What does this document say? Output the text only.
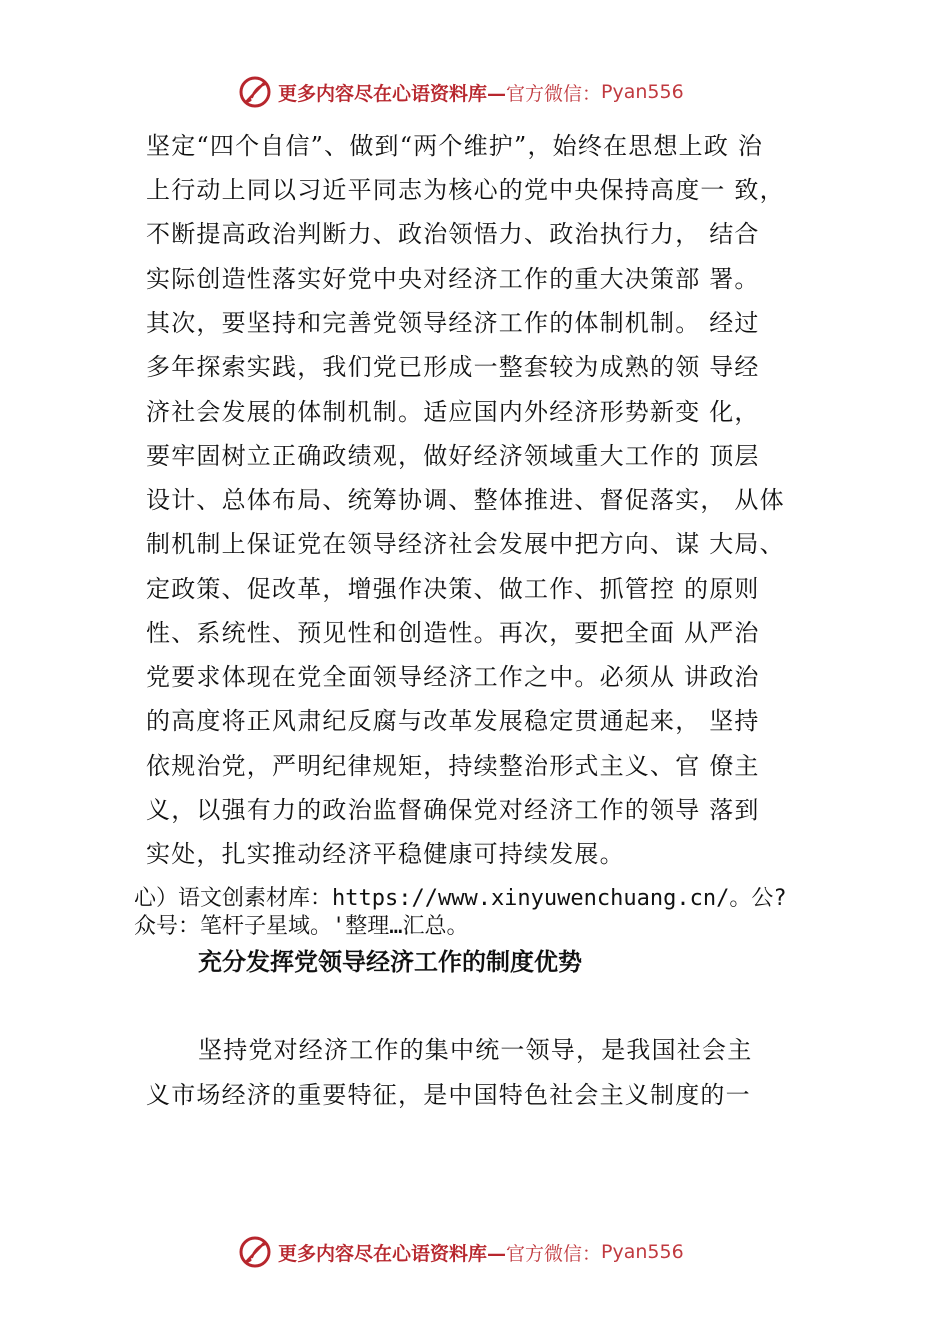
更多内容尽在心语资料库— 官方微信： Pyan556
坚定“四个自信”、做到“两个维护”，始终在思想上政 治
上行动上同以习近平同志为核心的党中央保持高度一 致，
不断提高政治判断力、政治领悟力、政治执行力， 结合
实际创造性落实好党中央对经济工作的重大决策部 署。
其次，要坚持和完善党领导经济工作的体制机制。 经过
多年探索实践，我们党已形成一整套较为成熟的领 导经
济社会发展的体制机制。适应国内外经济形势新变 化，
要牢固树立正确政绩观，做好经济领域重大工作的 顶层
设计、总体布局、统筹协调、整体推进、督促落实， 从体
制机制上保证党在领导经济社会发展中把方向、谋 大局、
定政策、促改革，增强作决策、做工作、抓管控 的原则
性、系统性、预见性和创造性。再次，要把全面 从严治
党要求体现在党全面领导经济工作之中。必须从 讲政治
的高度将正风肃纪反腐与改革发展稳定贯通起来， 坚持
依规治党，严明纪律规矩，持续整治形式主义、官 僚主
义，以强有力的政治监督确保党对经济工作的领导 落到
实处，扎实推动经济平稳健康可持续发展。
心）语文创素材库：https://www.xinyuwenchuang.cn/。公?
众号：笔杆子星域。'整理…汇总。
充分发挥党领导经济工作的制度优势
坚持党对经济工作的集中统一领导，是我国社会主
义市场经济的重要特征，是中国特色社会主义制度的一
更多内容尽在心语资料库— 官方微信： Pyan556
